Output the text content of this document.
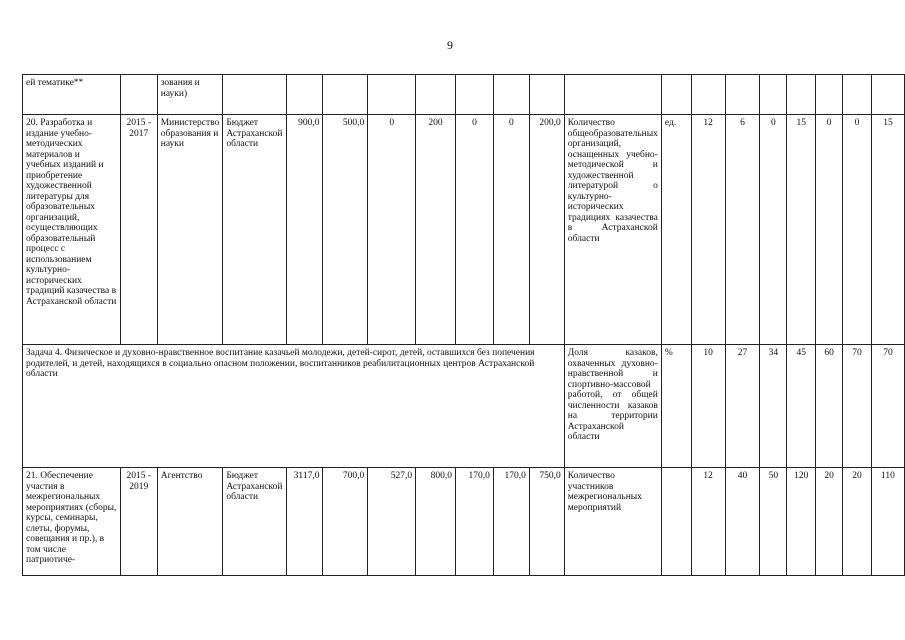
9
ей тематике**		зования и науки)																	
20. Разработка и издание учебно-методических материалов и учебных изданий и приобретение художественной литературы для образовательных организаций, осуществляющих образовательный процесс с использованием культурно-исторических традиций казачества в Астраханской области	2015 - 2017	Министерство образования и науки	Бюджет Астраханской области	900,0	500,0	0	200	0	0	200,0	Количество общеобразовательных организаций, оснащенных учебно-методической и художественной литературой о культурно-исторических традициях казачества в Астраханской области	ед.	12	6	0	15	0	0	15
Задача 4. Физическое и духовно-нравственное воспитание казачьей молодежи, детей-сирот, детей, оставшихся без попечения родителей, и детей, находящихся в социально опасном положении, воспитанников реабилитационных центров Астраханской области											Доля казаков, охваченных духовно-нравственной и спортивно-массовой работой, от общей численности казаков на территории Астраханской области	%	10	27	34	45	60	70	70
21. Обеспечение участия в межрегиональных мероприятиях (сборы, курсы, семинары, слеты, форумы, совещания и пр.), в том числе патриотиче-	2015 - 2019	Агентство	Бюджет Астраханской области	3117,0	700,0	527,0	800,0	170,0	170,0	750,0	Количество участников межрегиональных мероприятий		12	40	50	120	20	20	110
